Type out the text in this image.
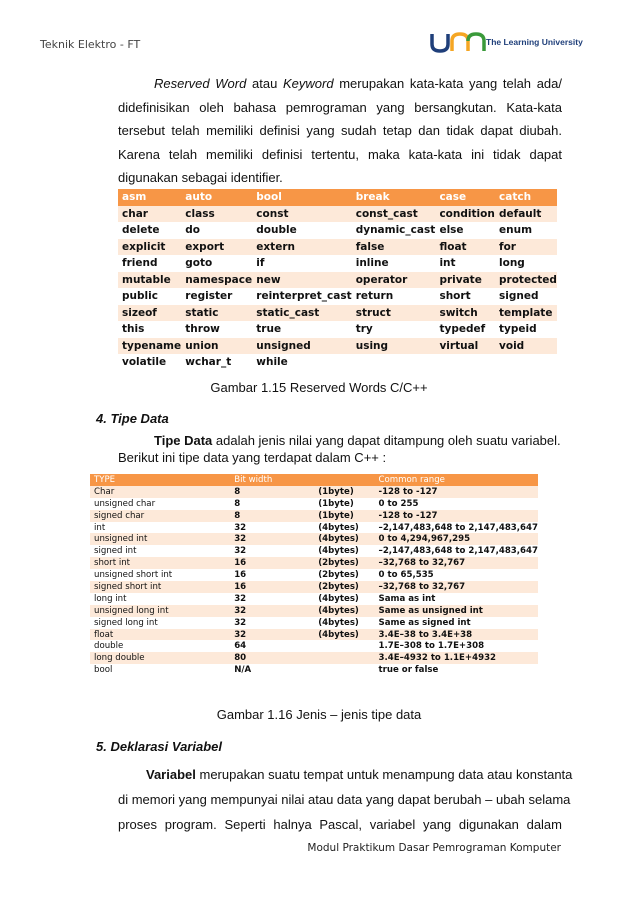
Teknik Elektro - FT	The Learning University
Reserved Word atau Keyword merupakan kata-kata yang telah ada/
didefinisikan oleh bahasa pemrograman yang bersangkutan. Kata-kata
tersebut telah memiliki definisi yang sudah tetap dan tidak dapat diubah.
Karena telah memiliki definisi tertentu, maka kata-kata ini tidak dapat
digunakan sebagai identifier.
asm	auto	bool	break	case	catch
char	class	const	const_cast	condition	default
delete	do	double	dynamic_cast	else	enum
explicit	export	extern	false	float	for
friend	goto	if	inline	int	long
mutable	namespace	new	operator	private	protected
public	register	reinterpret_cast	return	short	signed
sizeof	static	static_cast	struct	switch	template
this	throw	true	try	typedef	typeid
typename	union	unsigned	using	virtual	void
volatile	wchar_t	while			
Gambar 1.15 Reserved Words C/C++
4. Tipe Data
Tipe Data adalah jenis nilai yang dapat ditampung oleh suatu variabel.
Berikut ini tipe data yang terdapat dalam C++ :
TYPE	Bit width		Common range
Char	8	(1byte)	-128 to -127
unsigned char	8	(1byte)	0 to 255
signed char	8	(1byte)	-128 to -127
int	32	(4bytes)	–2,147,483,648 to 2,147,483,647
unsigned int	32	(4bytes)	0 to 4,294,967,295
signed int	32	(4bytes)	–2,147,483,648 to 2,147,483,647
short int	16	(2bytes)	–32,768 to 32,767
unsigned short int	16	(2bytes)	0 to 65,535
signed short int	16	(2bytes)	–32,768 to 32,767
long int	32	(4bytes)	Sama as int
unsigned long int	32	(4bytes)	Same as unsigned int
signed long int	32	(4bytes)	Same as signed int
float	32	(4bytes)	3.4E–38 to 3.4E+38
double	64		1.7E–308 to 1.7E+308
long double	80		3.4E–4932 to 1.1E+4932
bool	N/A		true or false
Gambar 1.16 Jenis – jenis tipe data
5. Deklarasi Variabel
Variabel merupakan suatu tempat untuk menampung data atau konstanta
di memori yang mempunyai nilai atau data yang dapat berubah – ubah selama
proses program. Seperti halnya Pascal, variabel yang digunakan dalam
Modul Praktikum Dasar Pemrograman Komputer
